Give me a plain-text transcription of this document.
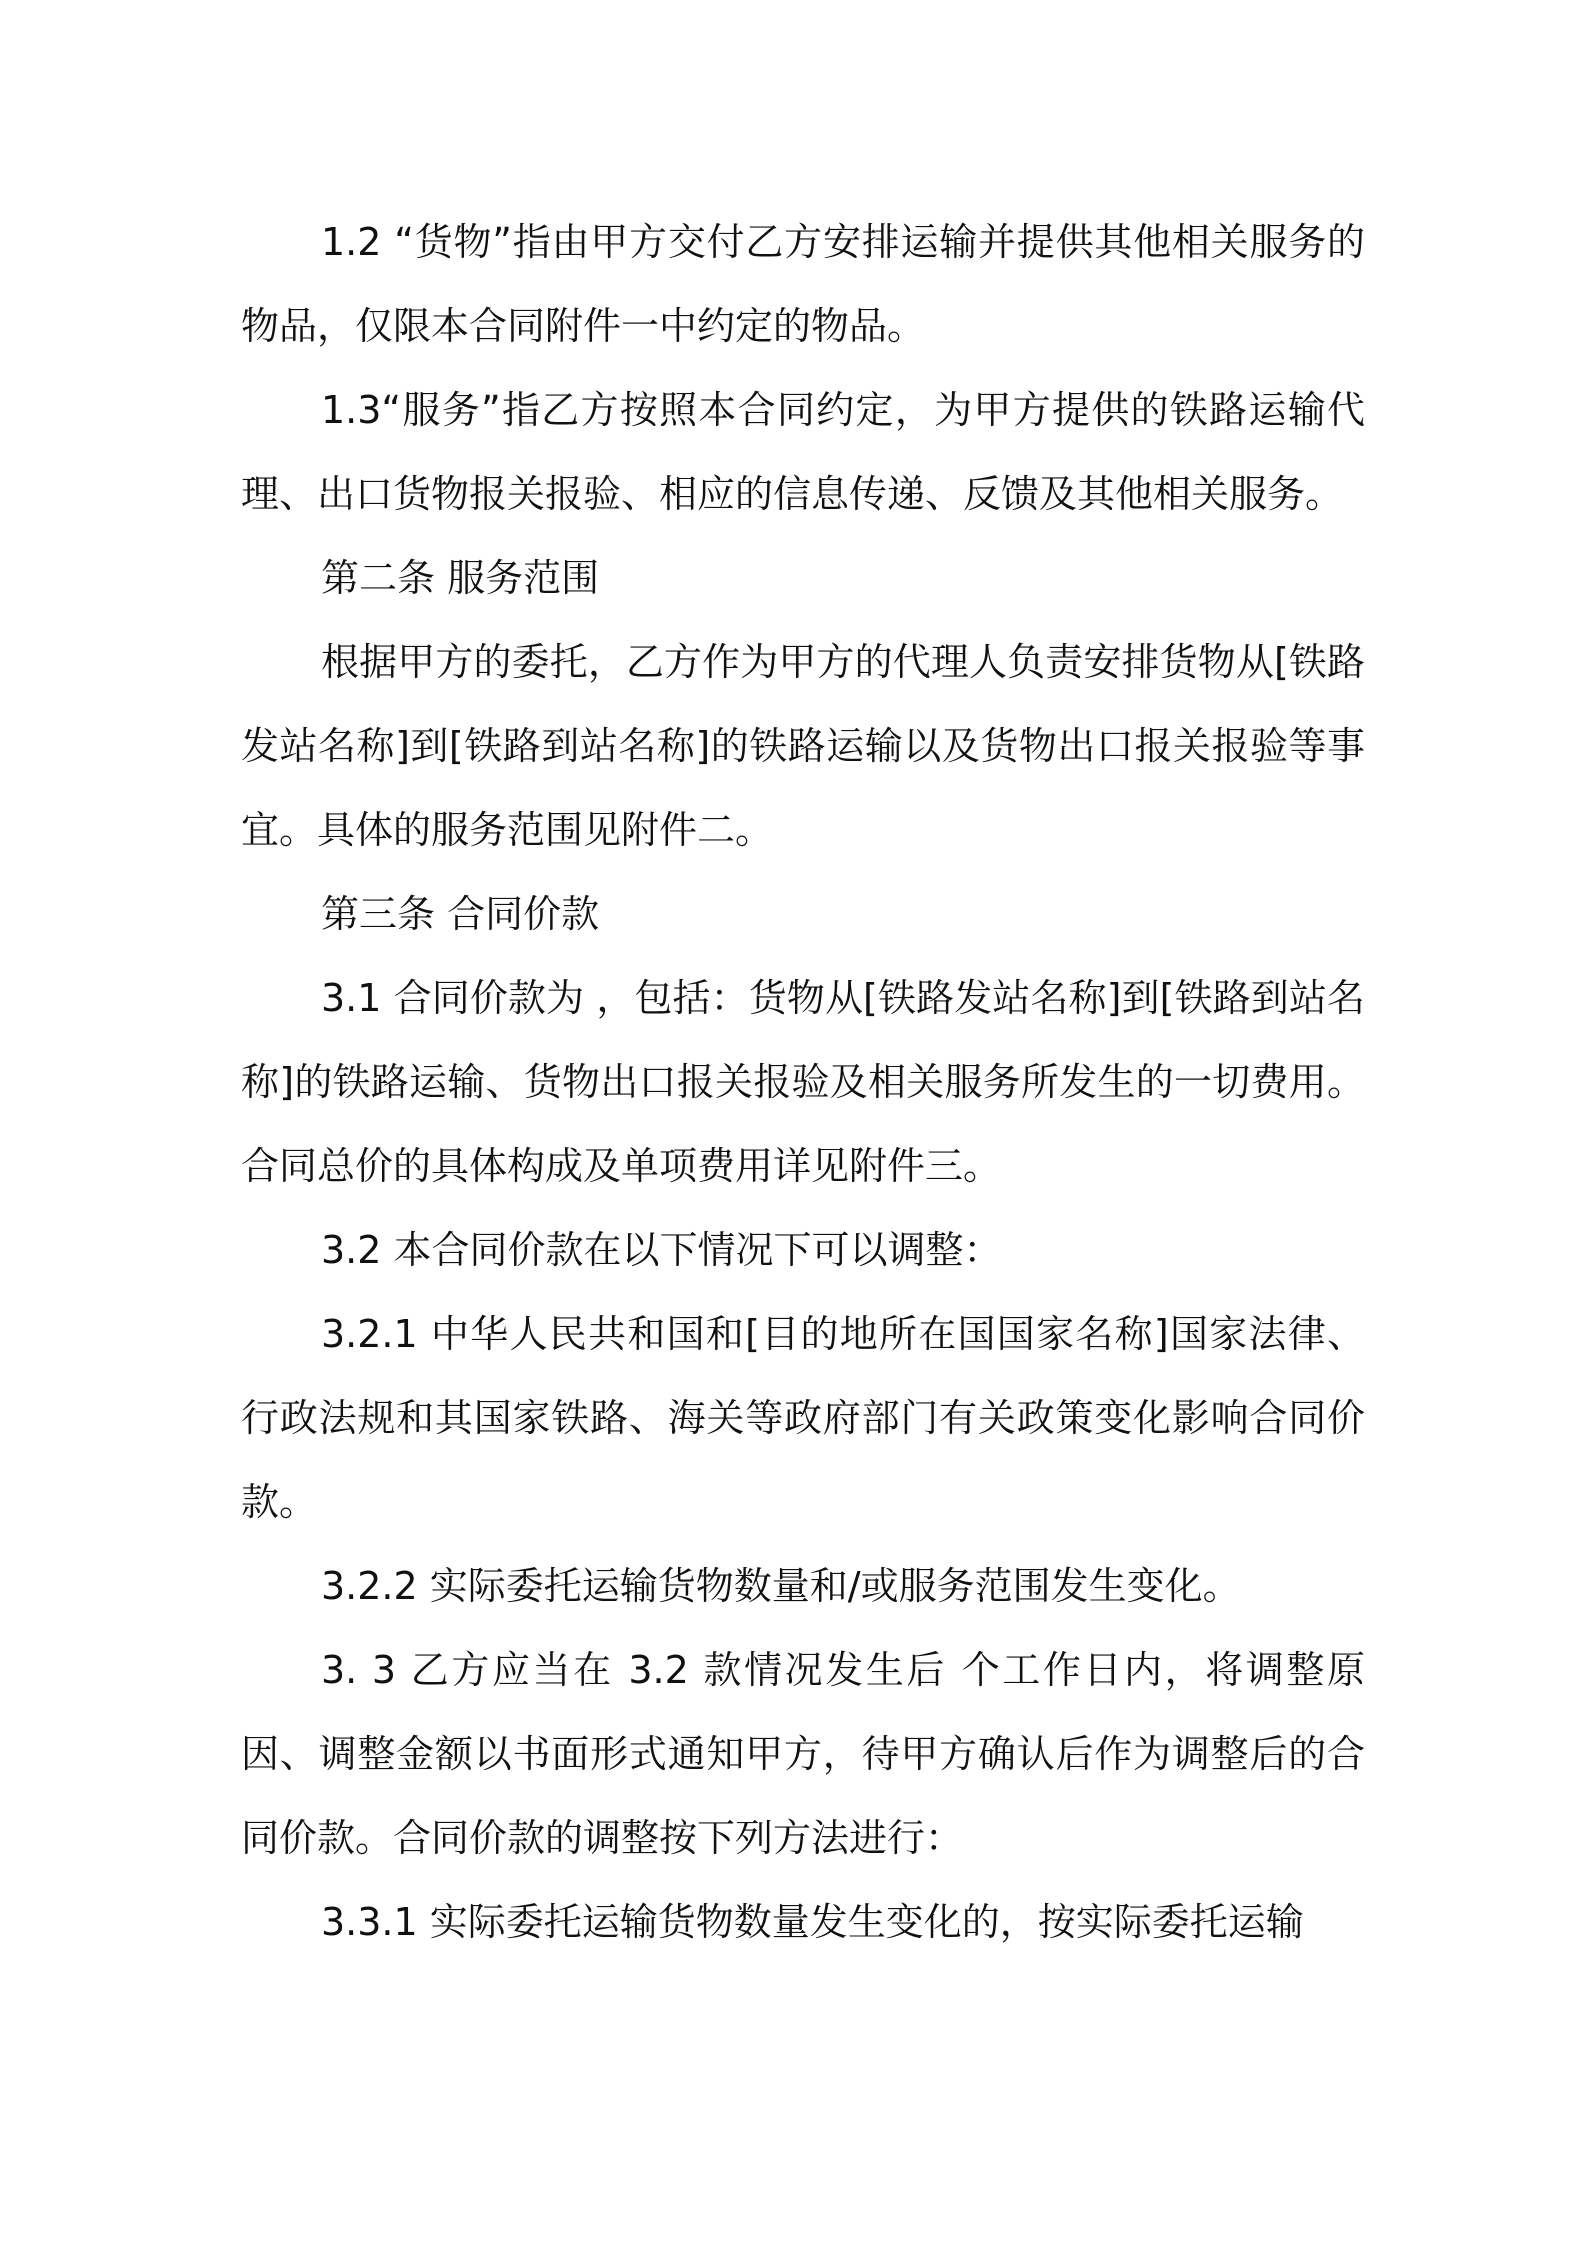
1.2 “货物”指由甲方交付乙方安排运输并提供其他相关服务的物品，仅限本合同附件一中约定的物品。

1.3“服务”指乙方按照本合同约定，为甲方提供的铁路运输代理、出口货物报关报验、相应的信息传递、反馈及其他相关服务。

第二条 服务范围

根据甲方的委托，乙方作为甲方的代理人负责安排货物从[铁路发站名称]到[铁路到站名称]的铁路运输以及货物出口报关报验等事宜。具体的服务范围见附件二。

第三条 合同价款

3.1 合同价款为 ，包括：货物从[铁路发站名称]到[铁路到站名称]的铁路运输、货物出口报关报验及相关服务所发生的一切费用。合同总价的具体构成及单项费用详见附件三。

3.2 本合同价款在以下情况下可以调整：

3.2.1 中华人民共和国和[目的地所在国国家名称]国家法律、行政法规和其国家铁路、海关等政府部门有关政策变化影响合同价款。

3.2.2 实际委托运输货物数量和/或服务范围发生变化。

3. 3 乙方应当在 3.2 款情况发生后 个工作日内，将调整原因、调整金额以书面形式通知甲方，待甲方确认后作为调整后的合同价款。合同价款的调整按下列方法进行：

3.3.1 实际委托运输货物数量发生变化的，按实际委托运输
